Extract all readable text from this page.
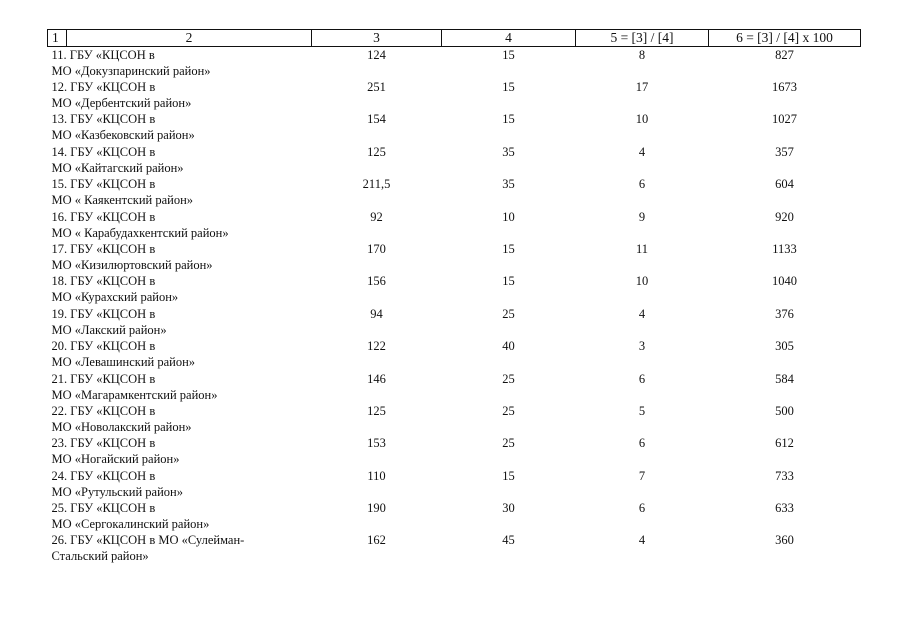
1	2	3	4	5 = [3] / [4]	6 = [3] / [4] x 100

11. ГБУ «КЦСОН в
МО «Докузпаринский район»		124	15	8	827

12. ГБУ «КЦСОН в
МО «Дербентский район»		251	15	17	1673

13. ГБУ «КЦСОН в
МО «Казбековский район»		154	15	10	1027

14. ГБУ «КЦСОН в
МО «Кайтагский район»		125	35	4	357

15. ГБУ «КЦСОН в
МО « Каякентский район»		211,5	35	6	604

16. ГБУ «КЦСОН в
МО « Карабудахкентский район»		92	10	9	920

17. ГБУ «КЦСОН в
МО «Кизилюртовский район»		170	15	11	1133

18. ГБУ «КЦСОН в
МО «Курахский район»		156	15	10	1040

19. ГБУ «КЦСОН в
МО «Лакский район»		94	25	4	376

20. ГБУ «КЦСОН в
МО «Левашинский район»		122	40	3	305

21. ГБУ «КЦСОН в
МО «Магарамкентский район»		146	25	6	584

22. ГБУ «КЦСОН в
МО «Новолакский район»		125	25	5	500

23. ГБУ «КЦСОН в
МО «Ногайский район»		153	25	6	612

24. ГБУ «КЦСОН в
МО «Рутульский район»		110	15	7	733

25. ГБУ «КЦСОН в
МО «Сергокалинский район»		190	30	6	633

26. ГБУ «КЦСОН в МО «Сулейман-
Стальский район»		162	45	4	360
